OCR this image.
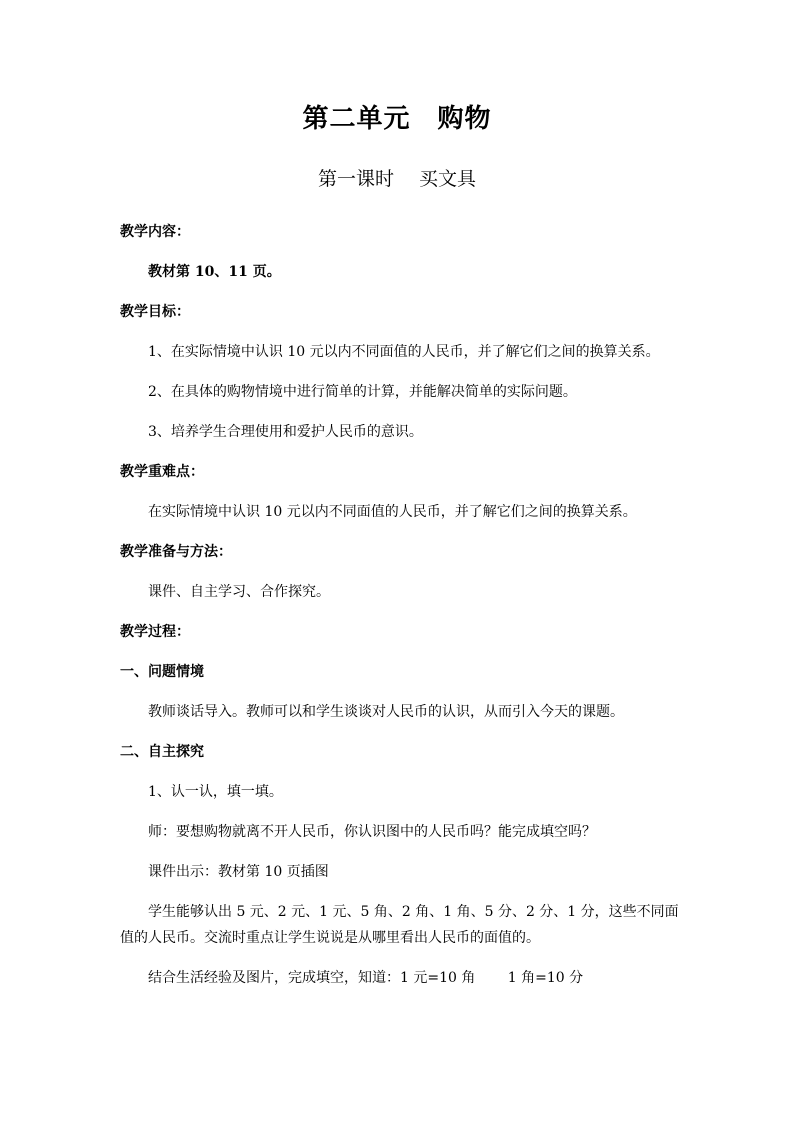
第二单元　购物
第一课时　 买文具
教学内容：
教材第 10、11 页。
教学目标：
1、在实际情境中认识 10 元以内不同面值的人民币，并了解它们之间的换算关系。
2、在具体的购物情境中进行简单的计算，并能解决简单的实际问题。
3、培养学生合理使用和爱护人民币的意识。
教学重难点：
在实际情境中认识 10 元以内不同面值的人民币，并了解它们之间的换算关系。
教学准备与方法：
课件、自主学习、合作探究。
教学过程：
一、问题情境
教师谈话导入。教师可以和学生谈谈对人民币的认识，从而引入今天的课题。
二、自主探究
1、认一认，填一填。
师：要想购物就离不开人民币，你认识图中的人民币吗？能完成填空吗？
课件出示：教材第 10 页插图
学生能够认出 5 元、2 元、1 元、5 角、2 角、1 角、5 分、2 分、1 分，这些不同面值的人民币。交流时重点让学生说说是从哪里看出人民币的面值的。
结合生活经验及图片，完成填空，知道：1 元=10 角　　 1 角=10 分
